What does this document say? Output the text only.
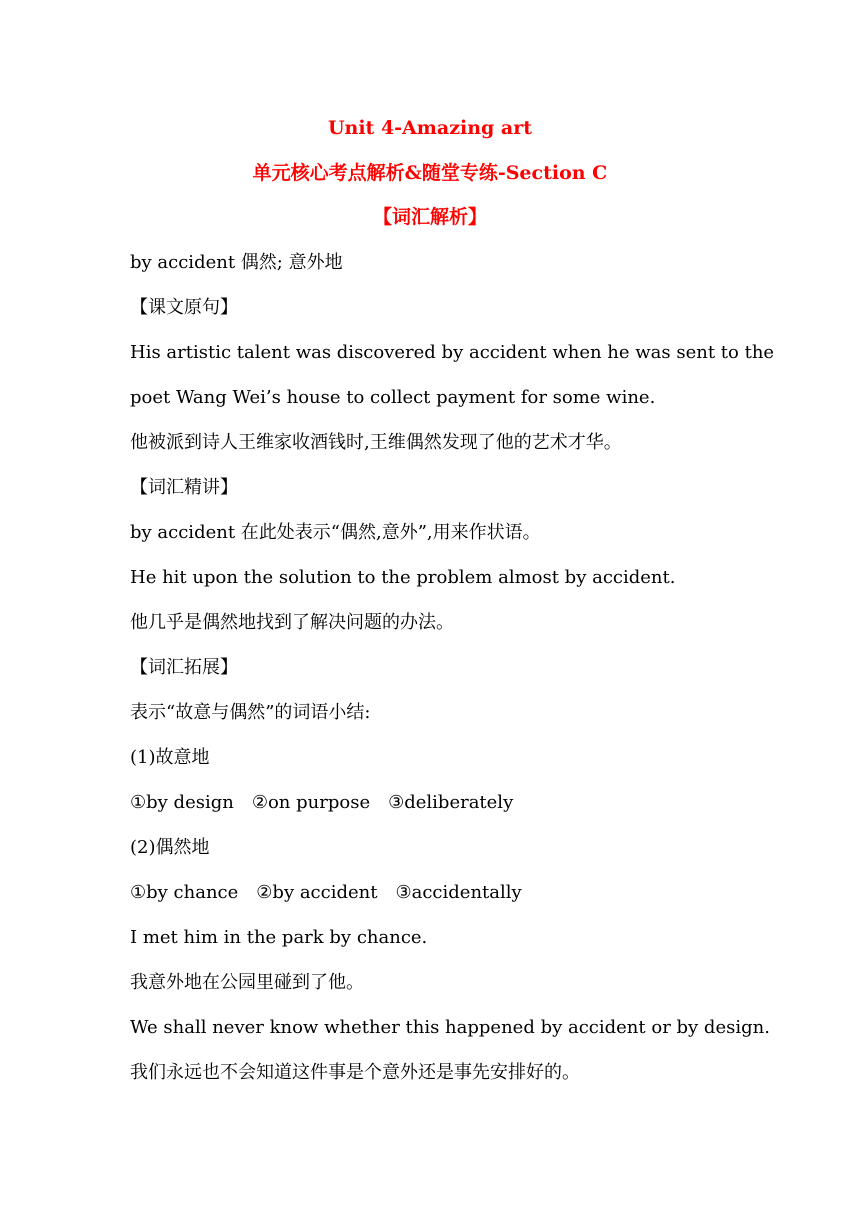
Unit 4-Amazing art
单元核心考点解析&随堂专练-Section C
【词汇解析】
by accident 偶然; 意外地
【课文原句】
His artistic talent was discovered by accident when he was sent to the
poet Wang Wei’s house to collect payment for some wine.
他被派到诗人王维家收酒钱时,王维偶然发现了他的艺术才华。
【词汇精讲】
by accident 在此处表示“偶然,意外”,用来作状语。
He hit upon the solution to the problem almost by accident.
他几乎是偶然地找到了解决问题的办法。
【词汇拓展】
表示“故意与偶然”的词语小结:
(1)故意地
①by design　②on purpose　③deliberately
(2)偶然地
①by chance　②by accident　③accidentally
I met him in the park by chance.
我意外地在公园里碰到了他。
We shall never know whether this happened by accident or by design.
我们永远也不会知道这件事是个意外还是事先安排好的。
